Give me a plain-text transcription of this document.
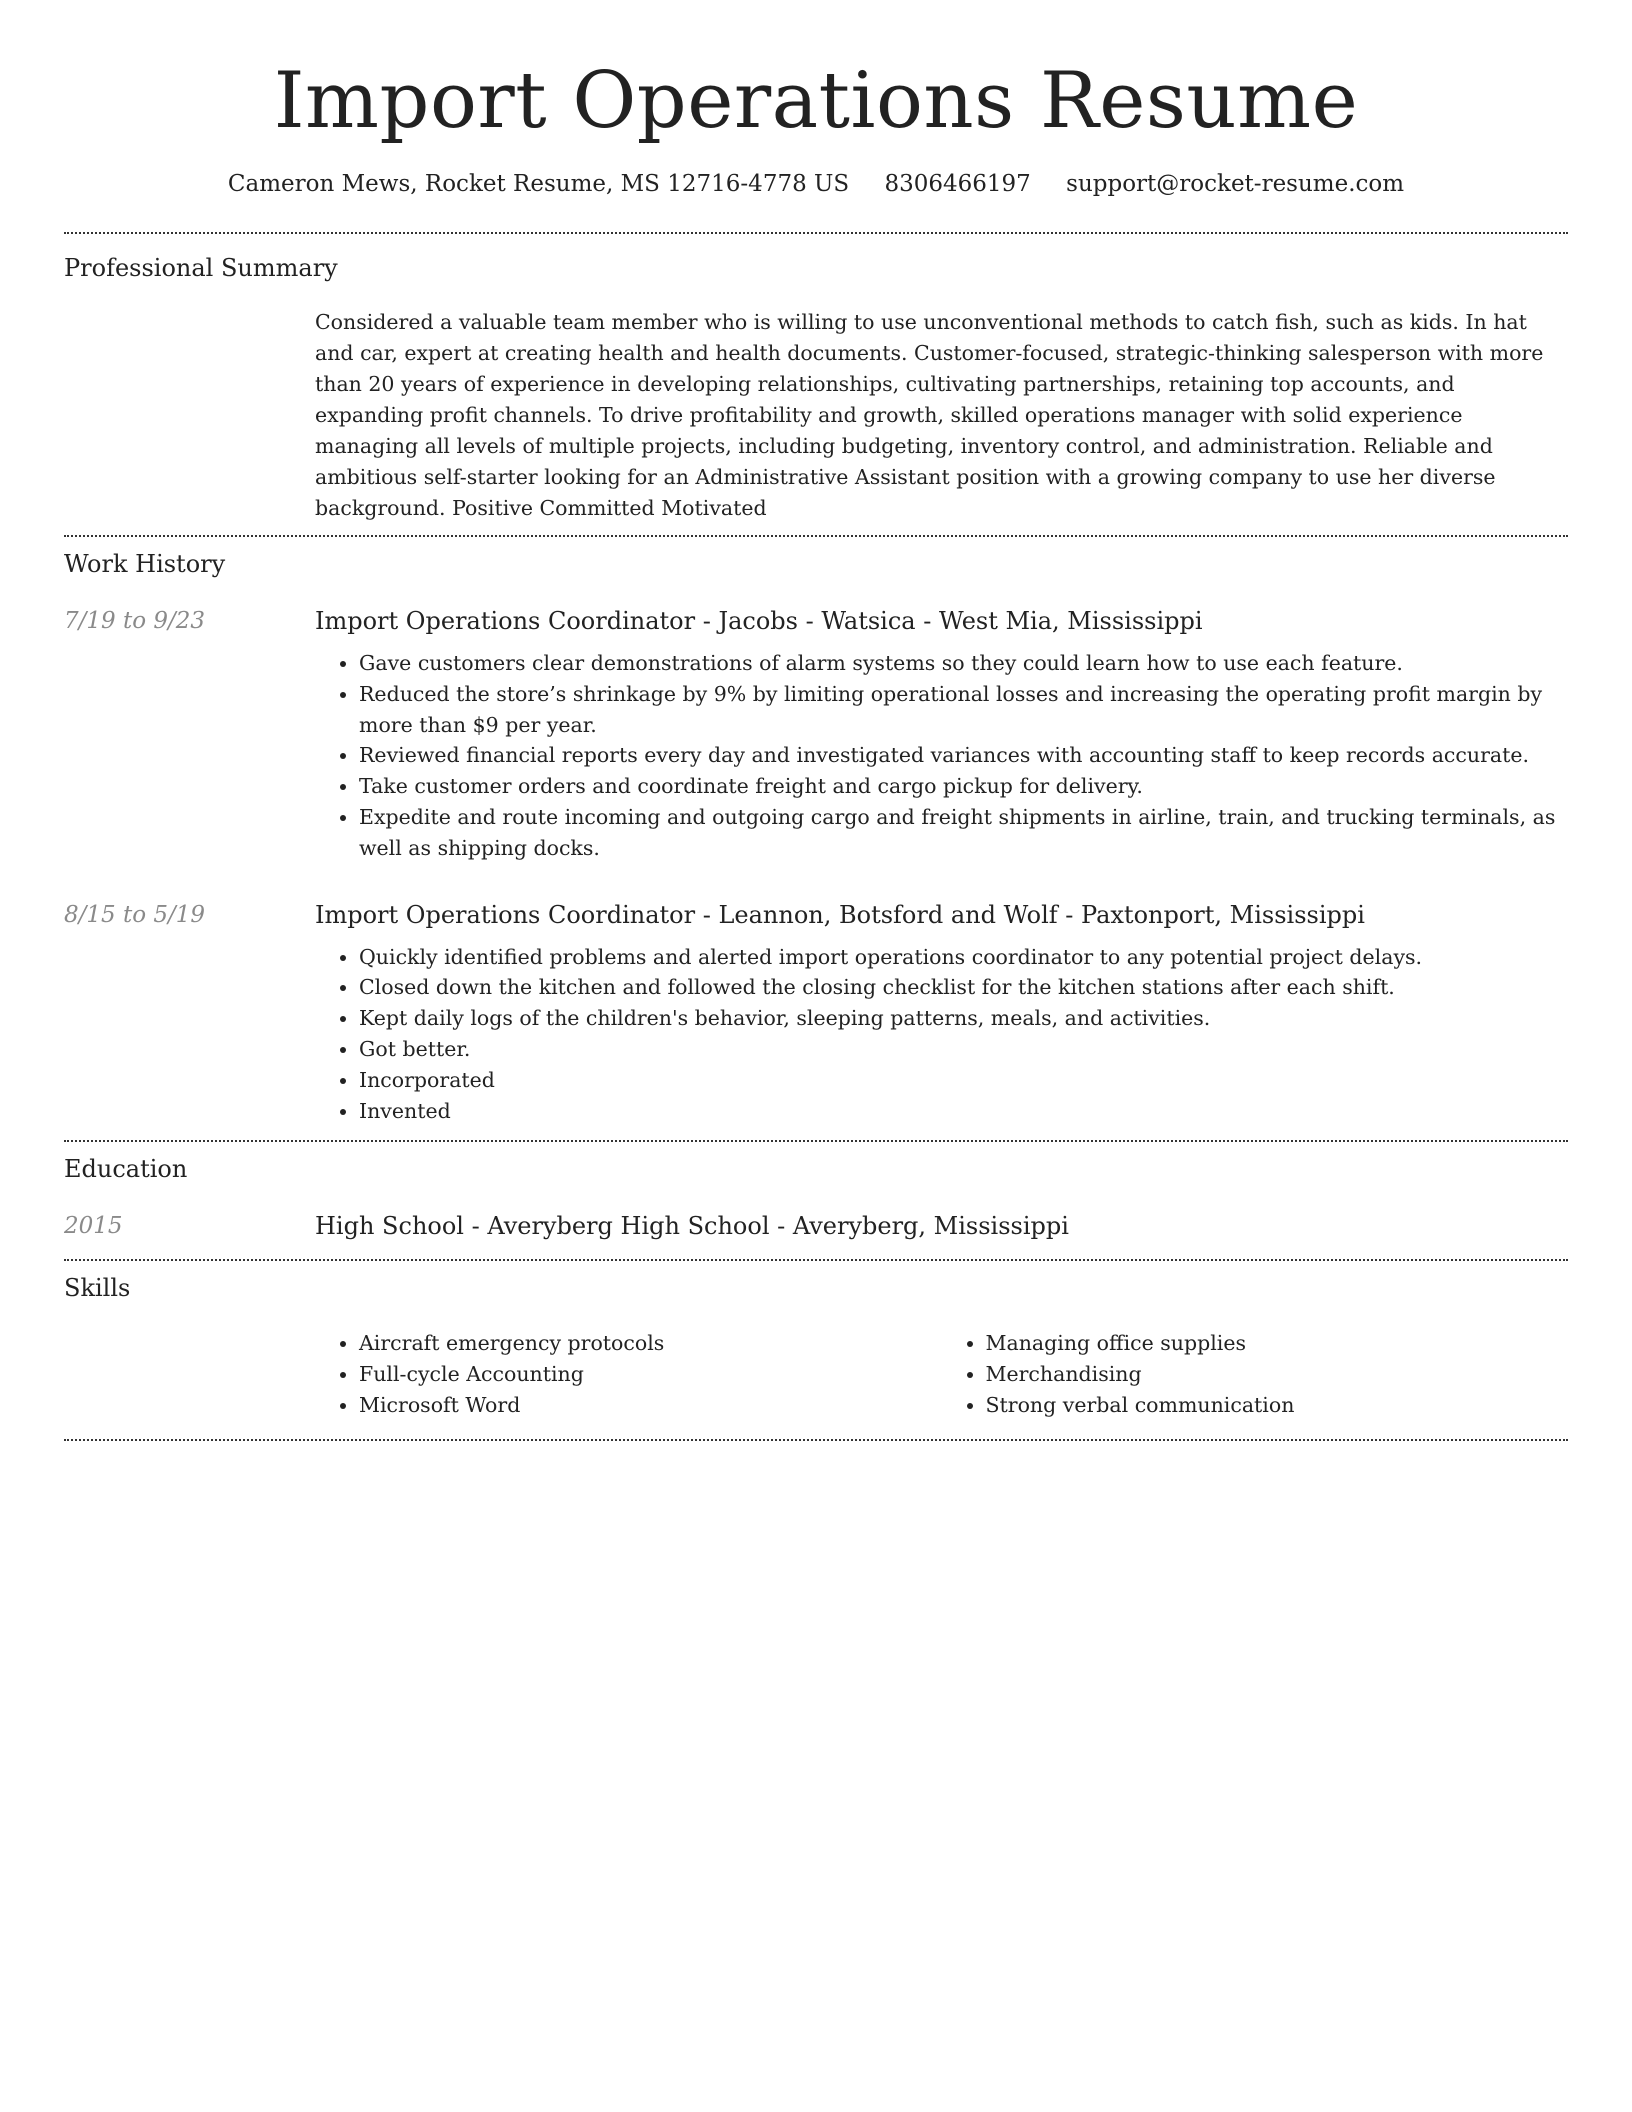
Import Operations Resume
Cameron Mews, Rocket Resume, MS 12716-4778 US 8306466197 support@rocket-resume.com
Professional Summary

Considered a valuable team member who is willing to use unconventional methods to catch fish, such as kids. In hat and car, expert at creating health and health documents. Customer-focused, strategic-thinking salesperson with more than 20 years of experience in developing relationships, cultivating partnerships, retaining top accounts, and expanding profit channels. To drive profitability and growth, skilled operations manager with solid experience managing all levels of multiple projects, including budgeting, inventory control, and administration. Reliable and ambitious self-starter looking for an Administrative Assistant position with a growing company to use her diverse background. Positive Committed Motivated

Work History
7/19 to 9/23	Import Operations Coordinator - Jacobs - Watsica - West Mia, Mississippi
• Gave customers clear demonstrations of alarm systems so they could learn how to use each feature.
• Reduced the store’s shrinkage by 9% by limiting operational losses and increasing the operating profit margin by more than $9 per year.
• Reviewed financial reports every day and investigated variances with accounting staff to keep records accurate.
• Take customer orders and coordinate freight and cargo pickup for delivery.
• Expedite and route incoming and outgoing cargo and freight shipments in airline, train, and trucking terminals, as well as shipping docks.
8/15 to 5/19	Import Operations Coordinator - Leannon, Botsford and Wolf - Paxtonport, Mississippi
• Quickly identified problems and alerted import operations coordinator to any potential project delays.
• Closed down the kitchen and followed the closing checklist for the kitchen stations after each shift.
• Kept daily logs of the children's behavior, sleeping patterns, meals, and activities.
• Got better.
• Incorporated
• Invented
Education
2015	High School - Averyberg High School - Averyberg, Mississippi
Skills
• Aircraft emergency protocols
• Full-cycle Accounting
• Microsoft Word
• Managing office supplies
• Merchandising
• Strong verbal communication
